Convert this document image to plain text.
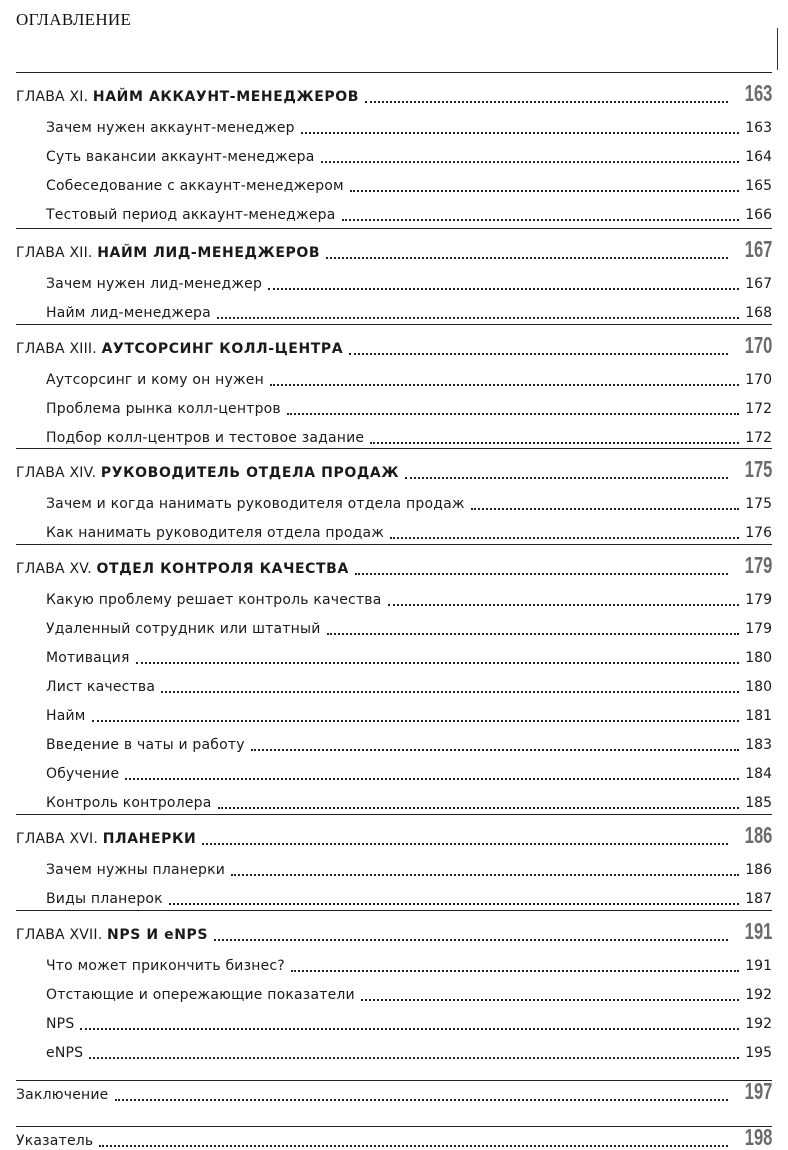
ОГЛАВЛЕНИЕ
ГЛАВА XI. НАЙМ АККАУНТ-МЕНЕДЖЕРОВ	163
Зачем нужен аккаунт-менеджер	163
Суть вакансии аккаунт-менеджера	164
Собеседование с аккаунт-менеджером	165
Тестовый период аккаунт-менеджера	166
ГЛАВА XII. НАЙМ ЛИД-МЕНЕДЖЕРОВ	167
Зачем нужен лид-менеджер	167
Найм лид-менеджера	168
ГЛАВА XIII. АУТСОРСИНГ КОЛЛ-ЦЕНТРА	170
Аутсорсинг и кому он нужен	170
Проблема рынка колл-центров	172
Подбор колл-центров и тестовое задание	172
ГЛАВА XIV. РУКОВОДИТЕЛЬ ОТДЕЛА ПРОДАЖ	175
Зачем и когда нанимать руководителя отдела продаж	175
Как нанимать руководителя отдела продаж	176
ГЛАВА XV. ОТДЕЛ КОНТРОЛЯ КАЧЕСТВА	179
Какую проблему решает контроль качества	179
Удаленный сотрудник или штатный	179
Мотивация	180
Лист качества	180
Найм	181
Введение в чаты и работу	183
Обучение	184
Контроль контролера	185
ГЛАВА XVI. ПЛАНЕРКИ	186
Зачем нужны планерки	186
Виды планерок	187
ГЛАВА XVII. NPS И eNPS	191
Что может прикончить бизнес?	191
Отстающие и опережающие показатели	192
NPS	192
eNPS	195
Заключение	197
Указатель	198
